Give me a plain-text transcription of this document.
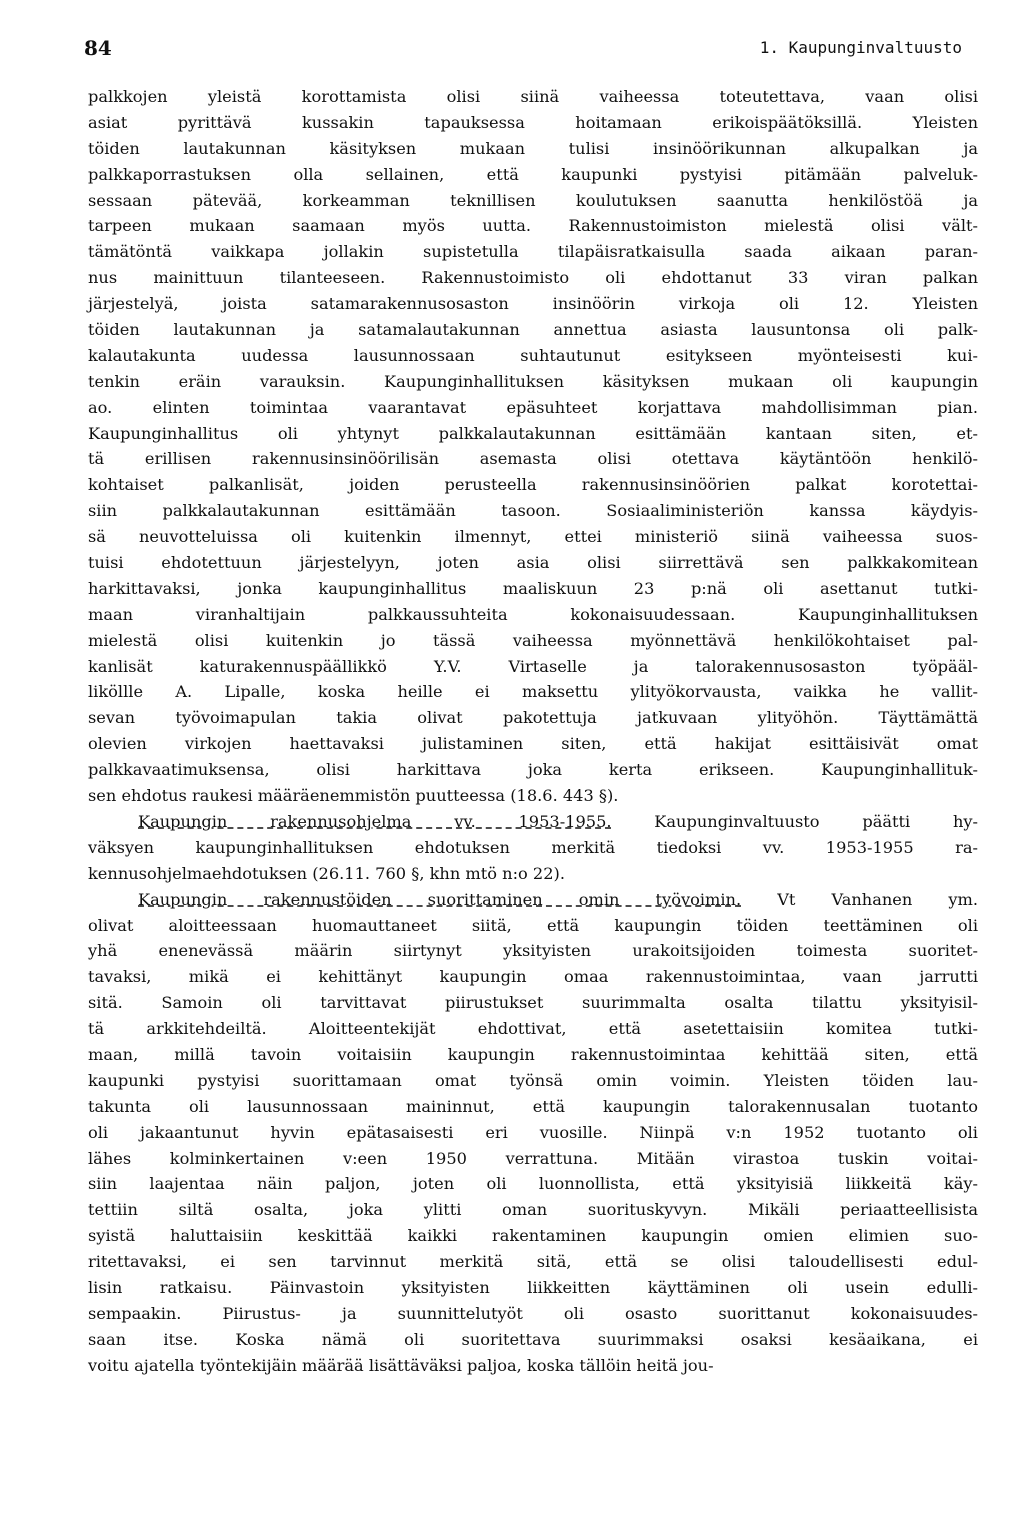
84	1. Kaupunginvaltuusto
palkkojen yleistä korottamista olisi siinä vaiheessa toteutettava, vaan olisi
asiat pyrittävä kussakin tapauksessa hoitamaan erikoispäätöksillä. Yleisten
töiden lautakunnan käsityksen mukaan tulisi insinöörikunnan alkupalkan ja
palkkaporrastuksen olla sellainen, että kaupunki pystyisi pitämään palveluk-
sessaan pätevää, korkeamman teknillisen koulutuksen saanutta henkilöstöä ja
tarpeen mukaan saamaan myös uutta. Rakennustoimiston mielestä olisi vält-
tämätöntä vaikkapa jollakin supistetulla tilapäisratkaisulla saada aikaan paran-
nus mainittuun tilanteeseen. Rakennustoimisto oli ehdottanut 33 viran palkan
järjestelyä, joista satamarakennusosaston insinöörin virkoja oli 12. Yleisten
töiden lautakunnan ja satamalautakunnan annettua asiasta lausuntonsa oli palk-
kalautakunta uudessa lausunnossaan suhtautunut esitykseen myönteisesti kui-
tenkin eräin varauksin. Kaupunginhallituksen käsityksen mukaan oli kaupungin
ao. elinten toimintaa vaarantavat epäsuhteet korjattava mahdollisimman pian.
Kaupunginhallitus oli yhtynyt palkkalautakunnan esittämään kantaan siten, et-
tä erillisen rakennusinsinöörilisän asemasta olisi otettava käytäntöön henkilö-
kohtaiset palkanlisät, joiden perusteella rakennusinsinöörien palkat korotettai-
siin palkkalautakunnan esittämään tasoon. Sosiaaliministeriön kanssa käydyis-
sä neuvotteluissa oli kuitenkin ilmennyt, ettei ministeriö siinä vaiheessa suos-
tuisi ehdotettuun järjestelyyn, joten asia olisi siirrettävä sen palkkakomitean
harkittavaksi, jonka kaupunginhallitus maaliskuun 23 p:nä oli asettanut tutki-
maan viranhaltijain palkkaussuhteita kokonaisuudessaan. Kaupunginhallituksen
mielestä olisi kuitenkin jo tässä vaiheessa myönnettävä henkilökohtaiset pal-
kanlisät katurakennuspäällikkö Y.V. Virtaselle ja talorakennusosaston työpääl-
liköllle A. Lipalle, koska heille ei maksettu ylityökorvausta, vaikka he vallit-
sevan työvoimapulan takia olivat pakotettuja jatkuvaan ylityöhön. Täyttämättä
olevien virkojen haettavaksi julistaminen siten, että hakijat esittäisivät omat
palkkavaatimuksensa, olisi harkittava joka kerta erikseen. Kaupunginhallituk-
sen ehdotus raukesi määräenemmistön puutteessa (18.6. 443 §).
Kaupungin rakennusohjelma vv. 1953-1955. Kaupunginvaltuusto päätti hy-
väksyen kaupunginhallituksen ehdotuksen merkitä tiedoksi vv. 1953-1955 ra-
kennusohjelmaehdotuksen (26.11. 760 §, khn mtö n:o 22).
Kaupungin rakennustöiden suorittaminen omin työvoimin. Vt Vanhanen ym.
olivat aloitteessaan huomauttaneet siitä, että kaupungin töiden teettäminen oli
yhä enenevässä määrin siirtynyt yksityisten urakoitsijoiden toimesta suoritet-
tavaksi, mikä ei kehittänyt kaupungin omaa rakennustoimintaa, vaan jarrutti
sitä. Samoin oli tarvittavat piirustukset suurimmalta osalta tilattu yksityisil-
tä arkkitehdeiltä. Aloitteentekijät ehdottivat, että asetettaisiin komitea tutki-
maan, millä tavoin voitaisiin kaupungin rakennustoimintaa kehittää siten, että
kaupunki pystyisi suorittamaan omat työnsä omin voimin. Yleisten töiden lau-
takunta oli lausunnossaan maininnut, että kaupungin talorakennusalan tuotanto
oli jakaantunut hyvin epätasaisesti eri vuosille. Niinpä v:n 1952 tuotanto oli
lähes kolminkertainen v:een 1950 verrattuna. Mitään virastoa tuskin voitai-
siin laajentaa näin paljon, joten oli luonnollista, että yksityisiä liikkeitä käy-
tettiin siltä osalta, joka ylitti oman suorituskyvyn. Mikäli periaatteellisista
syistä haluttaisiin keskittää kaikki rakentaminen kaupungin omien elimien suo-
ritettavaksi, ei sen tarvinnut merkitä sitä, että se olisi taloudellisesti edul-
lisin ratkaisu. Päinvastoin yksityisten liikkeitten käyttäminen oli usein edulli-
sempaakin. Piirustus- ja suunnittelutyöt oli osasto suorittanut kokonaisuudes-
saan itse. Koska nämä oli suoritettava suurimmaksi osaksi kesäaikana, ei
voitu ajatella työntekijäin määrää lisättäväksi paljoa, koska tällöin heitä jou-
